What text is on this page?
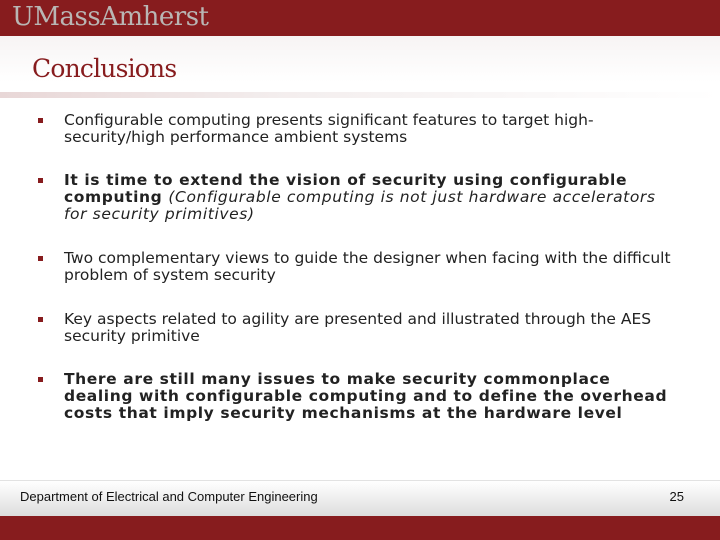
UMassAmherst
Conclusions
Configurable computing presents significant features to target high-security/high performance ambient systems
It is time to extend the vision of security using configurable computing (Configurable computing is not just hardware accelerators for security primitives)
Two complementary views to guide the designer when facing with the difficult problem of system security
Key aspects related to agility are presented and illustrated through the AES security primitive
There are still many issues to make security commonplace dealing with configurable computing and to define the overhead costs that imply security mechanisms at the hardware level
Department of Electrical and Computer Engineering	25
